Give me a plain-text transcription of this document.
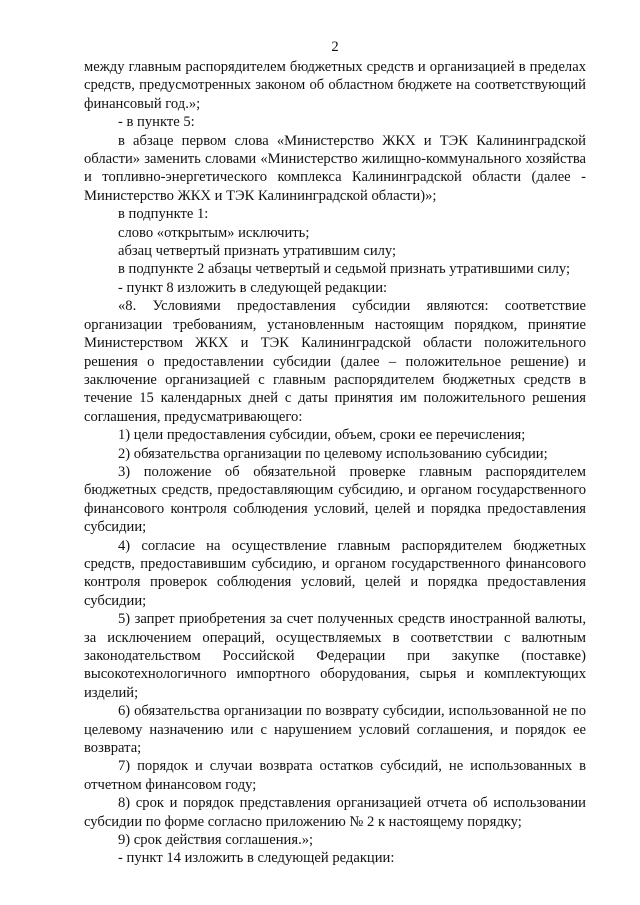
2

между главным распорядителем бюджетных средств и организацией в пределах средств, предусмотренных законом об областном бюджете на соответствующий финансовый год.»;

- в пункте 5:

в абзаце первом слова «Министерство ЖКХ и ТЭК Калининградской области» заменить словами «Министерство жилищно-коммунального хозяйства и топливно-энергетического комплекса Калининградской области (далее - Министерство ЖКХ и ТЭК Калининградской области)»;

в подпункте 1:

слово «открытым» исключить;

абзац четвертый признать утратившим силу;

в подпункте 2 абзацы четвертый и седьмой признать утратившими силу;

- пункт 8 изложить в следующей редакции:

«8. Условиями предоставления субсидии являются: соответствие организации требованиям, установленным настоящим порядком, принятие Министерством ЖКХ и ТЭК Калининградской области положительного решения о предоставлении субсидии (далее – положительное решение) и заключение организацией с главным распорядителем бюджетных средств в течение 15 календарных дней с даты принятия им положительного решения соглашения, предусматривающего:

1) цели предоставления субсидии, объем, сроки ее перечисления;

2) обязательства организации по целевому использованию субсидии;

3) положение об обязательной проверке главным распорядителем бюджетных средств, предоставляющим субсидию, и органом государственного финансового контроля соблюдения условий, целей и порядка предоставления субсидии;

4) согласие на осуществление главным распорядителем бюджетных средств, предоставившим субсидию, и органом государственного финансового контроля проверок соблюдения условий, целей и порядка предоставления субсидии;

5) запрет приобретения за счет полученных средств иностранной валюты, за исключением операций, осуществляемых в соответствии с валютным законодательством Российской Федерации при закупке (поставке) высокотехнологичного импортного оборудования, сырья и комплектующих изделий;

6) обязательства организации по возврату субсидии, использованной не по целевому назначению или с нарушением условий соглашения, и порядок ее возврата;

7) порядок и случаи возврата остатков субсидий, не использованных в отчетном финансовом году;

8) срок и порядок представления организацией отчета об использовании субсидии по форме согласно приложению № 2 к настоящему порядку;

9) срок действия соглашения.»;

- пункт 14 изложить в следующей редакции:
